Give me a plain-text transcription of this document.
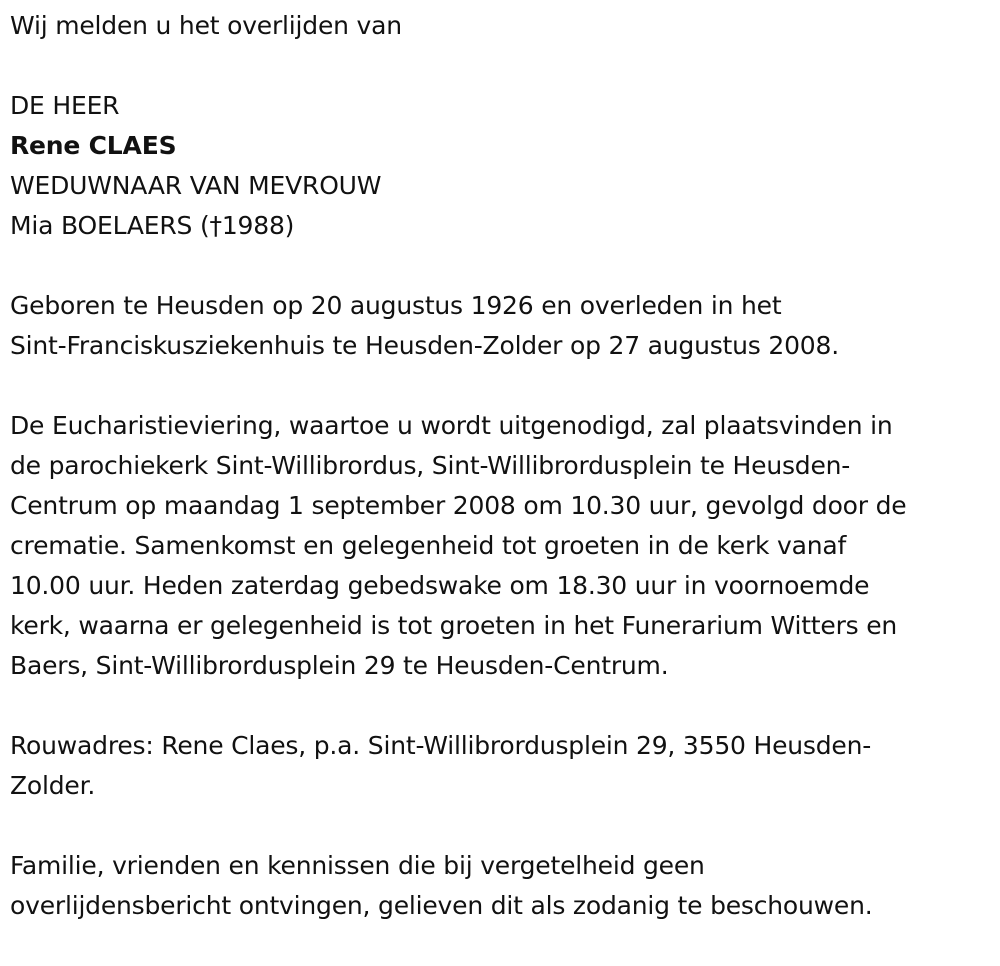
Wij melden u het overlijden van

DE HEER

Rene CLAES

WEDUWNAAR VAN MEVROUW

Mia BOELAERS (†1988)

Geboren te Heusden op 20 augustus 1926 en overleden in het

Sint-Franciskusziekenhuis te Heusden-Zolder op 27 augustus 2008.

De Eucharistieviering, waartoe u wordt uitgenodigd, zal plaatsvinden in

de parochiekerk Sint-Willibrordus, Sint-Willibrordusplein te Heusden-

Centrum op maandag 1 september 2008 om 10.30 uur, gevolgd door de

crematie. Samenkomst en gelegenheid tot groeten in de kerk vanaf

10.00 uur. Heden zaterdag gebedswake om 18.30 uur in voornoemde

kerk, waarna er gelegenheid is tot groeten in het Funerarium Witters en

Baers, Sint-Willibrordusplein 29 te Heusden-Centrum.

Rouwadres: Rene Claes, p.a. Sint-Willibrordusplein 29, 3550 Heusden-

Zolder.

Familie, vrienden en kennissen die bij vergetelheid geen

overlijdensbericht ontvingen, gelieven dit als zodanig te beschouwen.
